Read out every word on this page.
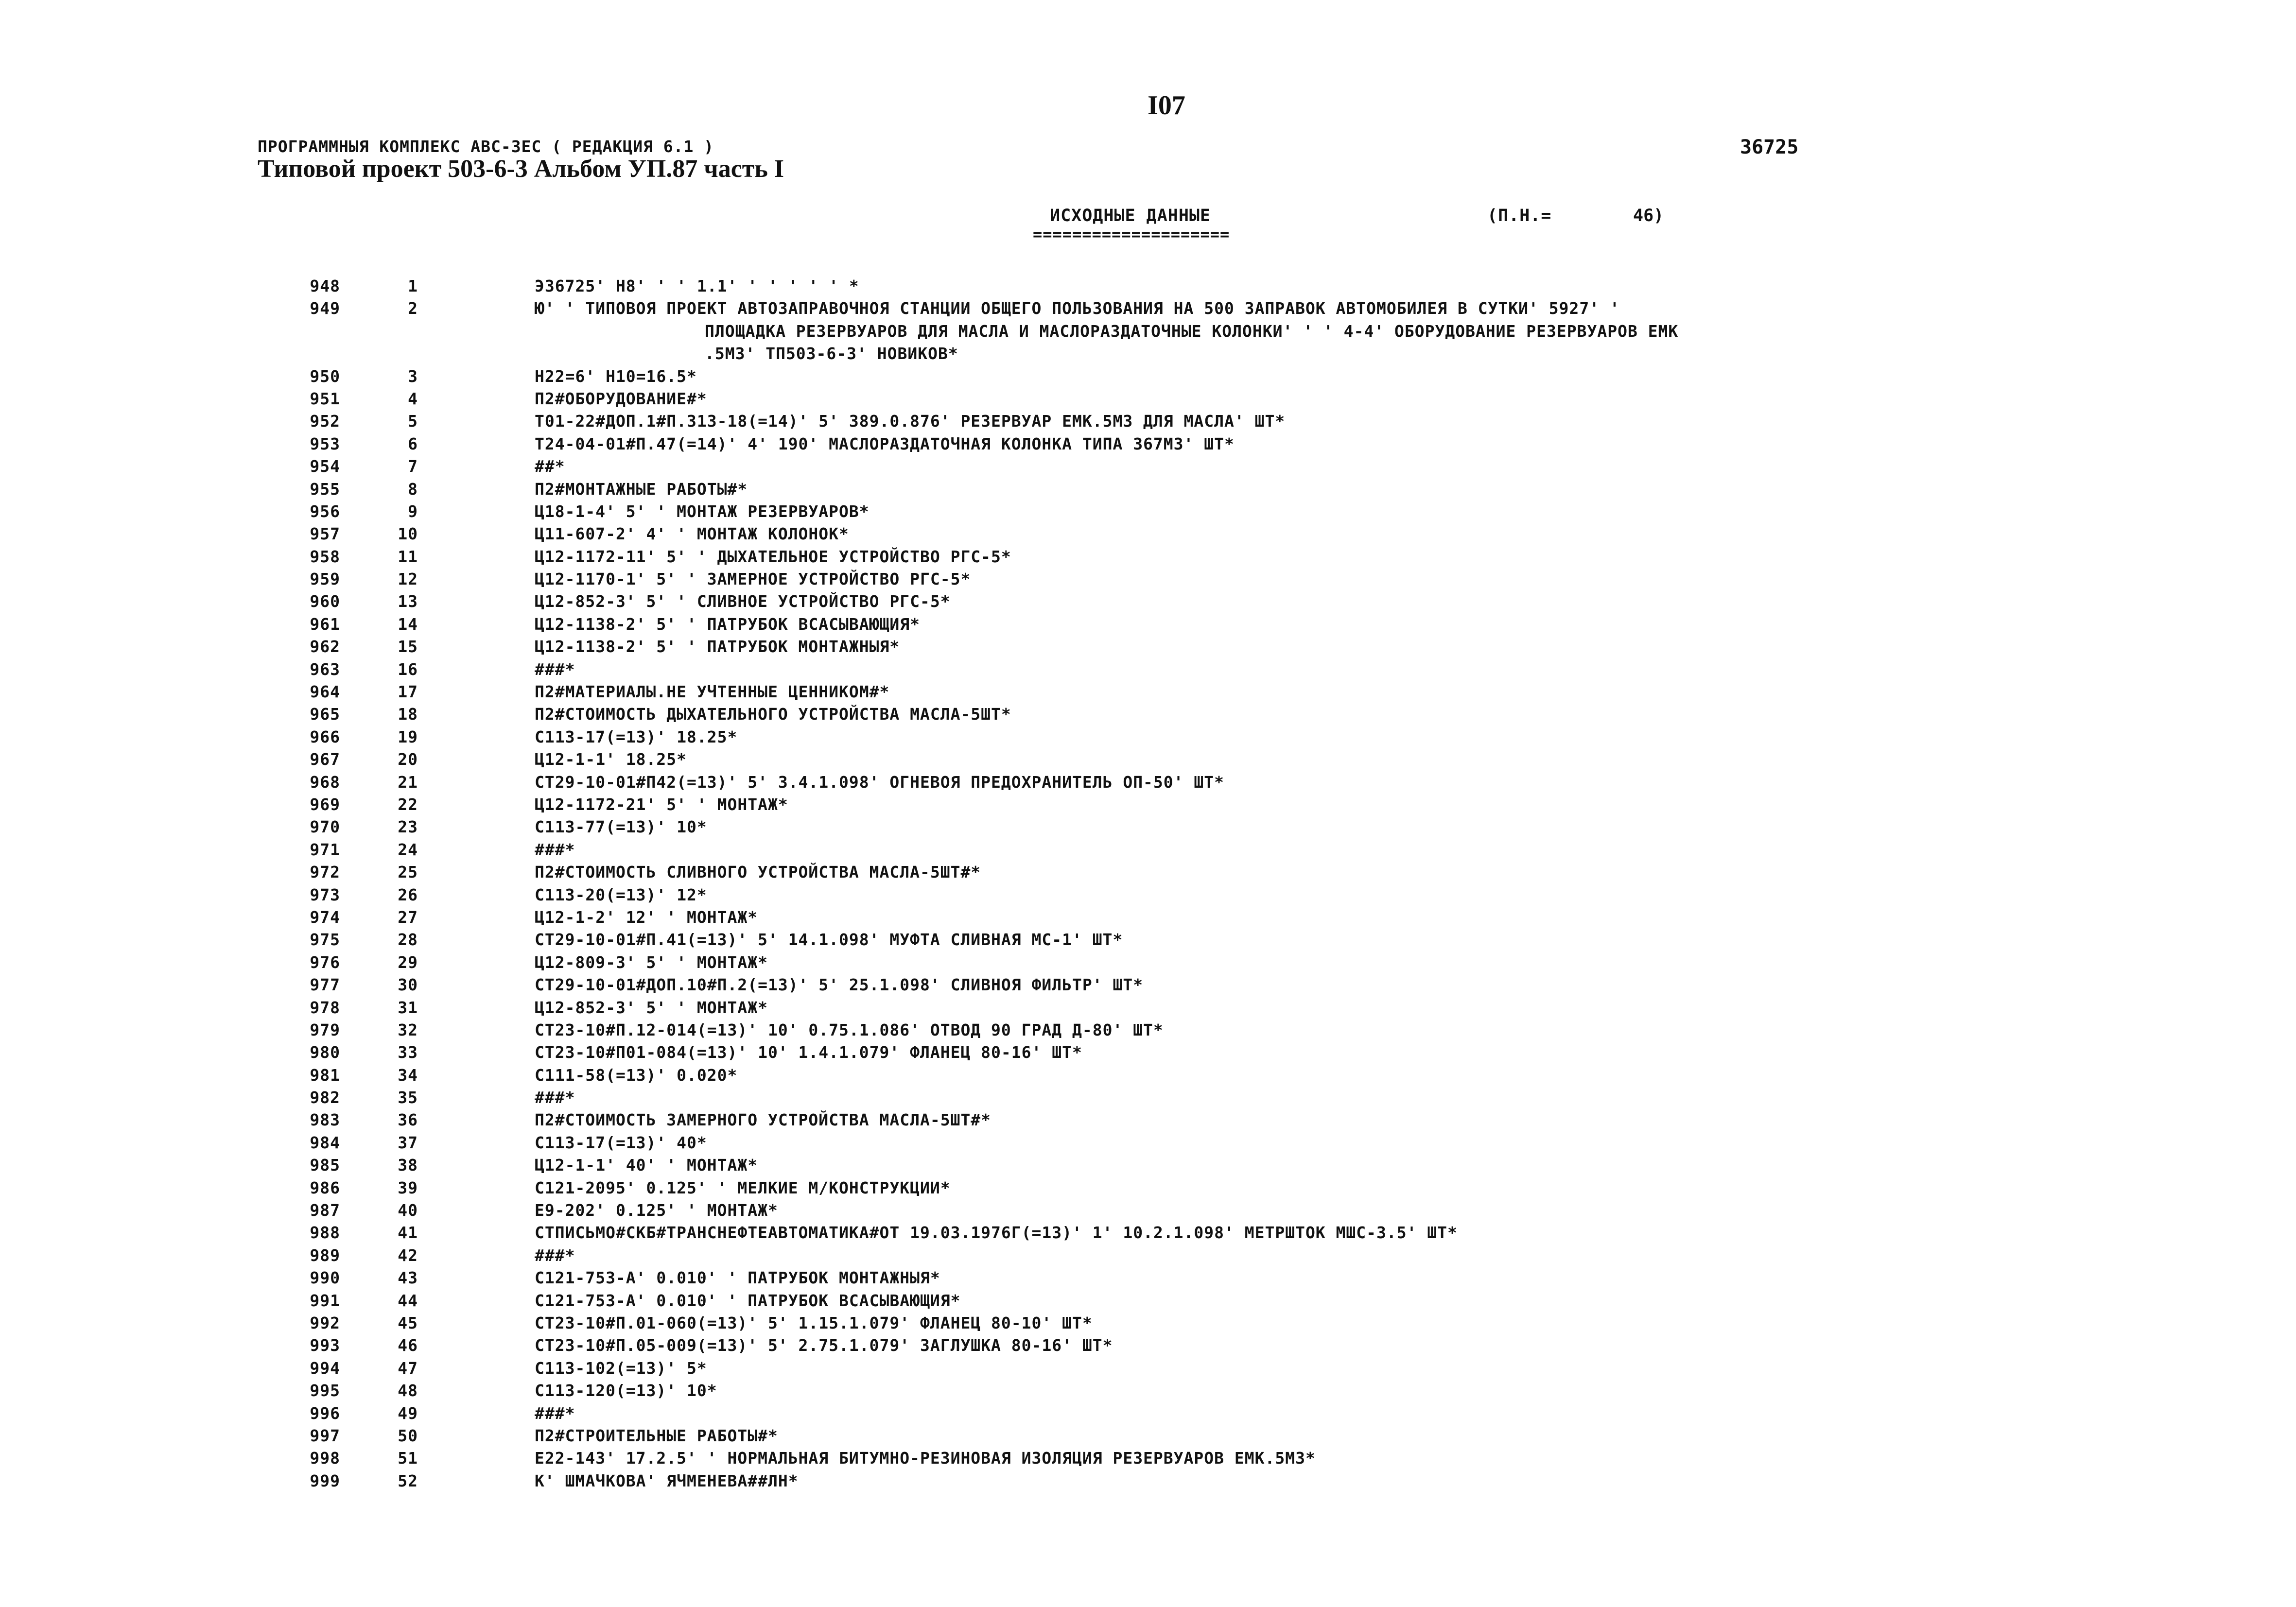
I07
36725
ПРОГРАММНЫЯ КОМПЛЕКС АВС-ЗЕС ( РЕДАКЦИЯ 6.1 )
Типовой проект 503-6-3 Альбом УП.87 часть I
ИСХОДНЫЕ ДАННЫЕ
====================
(П.Н.=	46)
948	1	Э36725' Н8' ' ' 1.1' ' ' ' ' ' *
949	2	Ю' ' ТИПОВОЯ ПРОЕКТ АВТОЗАПРАВОЧНОЯ СТАНЦИИ ОБЩЕГО ПОЛЬЗОВАНИЯ НА 500 ЗАПРАВОК АВТОМОБИЛЕЯ В СУТКИ' 5927' '
ПЛОЩАДКА РЕЗЕРВУАРОВ ДЛЯ МАСЛА И МАСЛОРАЗДАТОЧНЫЕ КОЛОНКИ' ' ' 4-4' ОБОРУДОВАНИЕ РЕЗЕРВУАРОВ ЕМК
.5М3' ТП503-6-3' НОВИКОВ*
950	3	Н22=6' Н10=16.5*
951	4	П2#ОБОРУДОВАНИЕ#*
952	5	Т01-22#ДОП.1#П.313-18(=14)' 5' 389.0.876' РЕЗЕРВУАР ЕМК.5М3 ДЛЯ МАСЛА' ШТ*
953	6	Т24-04-01#П.47(=14)' 4' 190' МАСЛОРАЗДАТОЧНАЯ КОЛОНКА ТИПА 367М3' ШТ*
954	7	##*
955	8	П2#МОНТАЖНЫЕ РАБОТЫ#*
956	9	Ц18-1-4' 5' ' МОНТАЖ РЕЗЕРВУАРОВ*
957	10	Ц11-607-2' 4' ' МОНТАЖ КОЛОНОК*
958	11	Ц12-1172-11' 5' ' ДЫХАТЕЛЬНОЕ УСТРОЙСТВО РГС-5*
959	12	Ц12-1170-1' 5' ' ЗАМЕРНОЕ УСТРОЙСТВО РГС-5*
960	13	Ц12-852-3' 5' ' СЛИВНОЕ УСТРОЙСТВО РГС-5*
961	14	Ц12-1138-2' 5' ' ПАТРУБОК ВСАСЫВАЮЩИЯ*
962	15	Ц12-1138-2' 5' ' ПАТРУБОК МОНТАЖНЫЯ*
963	16	###*
964	17	П2#МАТЕРИАЛЫ.НЕ УЧТЕННЫЕ ЦЕННИКОМ#*
965	18	П2#СТОИМОСТЬ ДЫХАТЕЛЬНОГО УСТРОЙСТВА МАСЛА-5ШТ*
966	19	С113-17(=13)' 18.25*
967	20	Ц12-1-1' 18.25*
968	21	СТ29-10-01#П42(=13)' 5' 3.4.1.098' ОГНЕВОЯ ПРЕДОХРАНИТЕЛЬ ОП-50' ШТ*
969	22	Ц12-1172-21' 5' ' МОНТАЖ*
970	23	С113-77(=13)' 10*
971	24	###*
972	25	П2#СТОИМОСТЬ СЛИВНОГО УСТРОЙСТВА МАСЛА-5ШТ#*
973	26	С113-20(=13)' 12*
974	27	Ц12-1-2' 12' ' МОНТАЖ*
975	28	СТ29-10-01#П.41(=13)' 5' 14.1.098' МУФТА СЛИВНАЯ МС-1' ШТ*
976	29	Ц12-809-3' 5' ' МОНТАЖ*
977	30	СТ29-10-01#ДОП.10#П.2(=13)' 5' 25.1.098' СЛИВНОЯ ФИЛЬТР' ШТ*
978	31	Ц12-852-3' 5' ' МОНТАЖ*
979	32	СТ23-10#П.12-014(=13)' 10' 0.75.1.086' ОТВОД 90 ГРАД Д-80' ШТ*
980	33	СТ23-10#П01-084(=13)' 10' 1.4.1.079' ФЛАНЕЦ 80-16' ШТ*
981	34	С111-58(=13)' 0.020*
982	35	###*
983	36	П2#СТОИМОСТЬ ЗАМЕРНОГО УСТРОЙСТВА МАСЛА-5ШТ#*
984	37	С113-17(=13)' 40*
985	38	Ц12-1-1' 40' ' МОНТАЖ*
986	39	С121-2095' 0.125' ' МЕЛКИЕ М/КОНСТРУКЦИИ*
987	40	Е9-202' 0.125' ' МОНТАЖ*
988	41	СТПИСЬМО#СКБ#ТРАНСНЕФТЕАВТОМАТИКА#ОТ 19.03.1976Г(=13)' 1' 10.2.1.098' МЕТРШТОК МШС-3.5' ШТ*
989	42	###*
990	43	С121-753-А' 0.010' ' ПАТРУБОК МОНТАЖНЫЯ*
991	44	С121-753-А' 0.010' ' ПАТРУБОК ВСАСЫВАЮЩИЯ*
992	45	СТ23-10#П.01-060(=13)' 5' 1.15.1.079' ФЛАНЕЦ 80-10' ШТ*
993	46	СТ23-10#П.05-009(=13)' 5' 2.75.1.079' ЗАГЛУШКА 80-16' ШТ*
994	47	С113-102(=13)' 5*
995	48	С113-120(=13)' 10*
996	49	###*
997	50	П2#СТРОИТЕЛЬНЫЕ РАБОТЫ#*
998	51	Е22-143' 17.2.5' ' НОРМАЛЬНАЯ БИТУМНО-РЕЗИНОВАЯ ИЗОЛЯЦИЯ РЕЗЕРВУАРОВ ЕМК.5М3*
999	52	К' ШМАЧКОВА' ЯЧМЕНЕВА##ЛН*
